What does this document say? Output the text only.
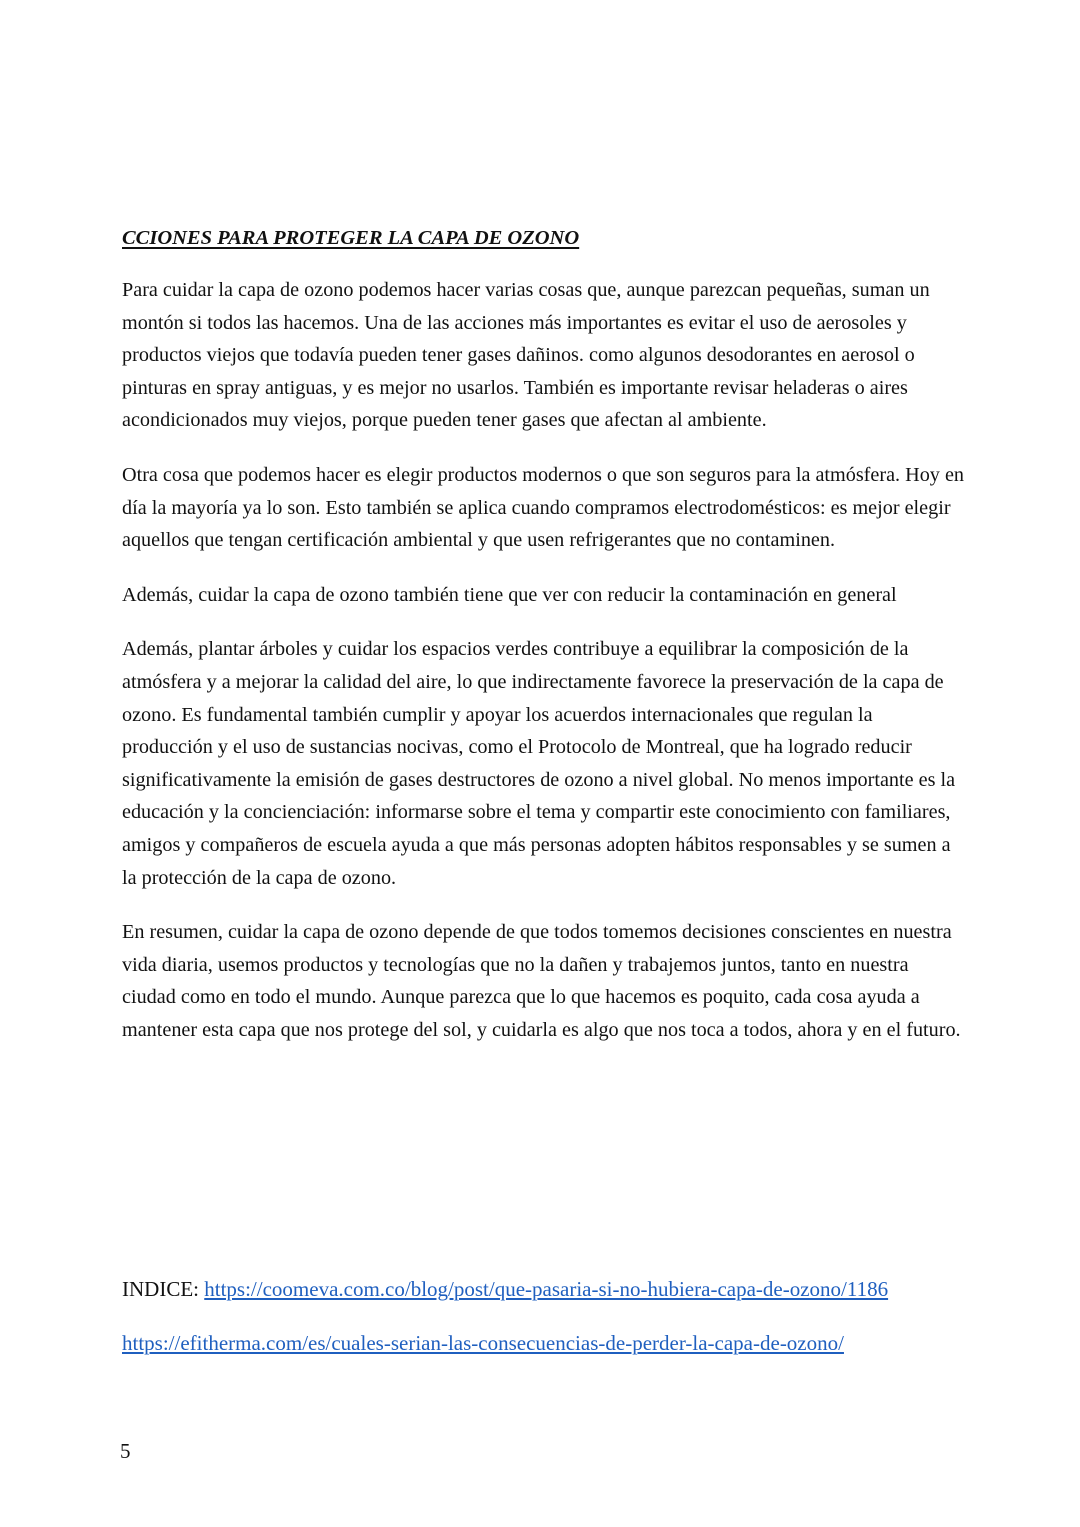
CCIONES PARA PROTEGER LA CAPA DE OZONO

Para cuidar la capa de ozono podemos hacer varias cosas que, aunque parezcan pequeñas, suman un montón si todos las hacemos. Una de las acciones más importantes es evitar el uso de aerosoles y productos viejos que todavía pueden tener gases dañinos. como algunos desodorantes en aerosol o pinturas en spray antiguas, y es mejor no usarlos. También es importante revisar heladeras o aires acondicionados muy viejos, porque pueden tener gases que afectan al ambiente.

Otra cosa que podemos hacer es elegir productos modernos o que son seguros para la atmósfera. Hoy en día la mayoría ya lo son. Esto también se aplica cuando compramos electrodomésticos: es mejor elegir aquellos que tengan certificación ambiental y que usen refrigerantes que no contaminen.

Además, cuidar la capa de ozono también tiene que ver con reducir la contaminación en general

Además, plantar árboles y cuidar los espacios verdes contribuye a equilibrar la composición de la atmósfera y a mejorar la calidad del aire, lo que indirectamente favorece la preservación de la capa de ozono. Es fundamental también cumplir y apoyar los acuerdos internacionales que regulan la producción y el uso de sustancias nocivas, como el Protocolo de Montreal, que ha logrado reducir significativamente la emisión de gases destructores de ozono a nivel global. No menos importante es la educación y la concienciación: informarse sobre el tema y compartir este conocimiento con familiares, amigos y compañeros de escuela ayuda a que más personas adopten hábitos responsables y se sumen a la protección de la capa de ozono.

En resumen, cuidar la capa de ozono depende de que todos tomemos decisiones conscientes en nuestra vida diaria, usemos productos y tecnologías que no la dañen y trabajemos juntos, tanto en nuestra ciudad como en todo el mundo. Aunque parezca que lo que hacemos es poquito, cada cosa ayuda a mantener esta capa que nos protege del sol, y cuidarla es algo que nos toca a todos, ahora y en el futuro.

INDICE: https://coomeva.com.co/blog/post/que-pasaria-si-no-hubiera-capa-de-ozono/1186

https://efitherma.com/es/cuales-serian-las-consecuencias-de-perder-la-capa-de-ozono/

5
